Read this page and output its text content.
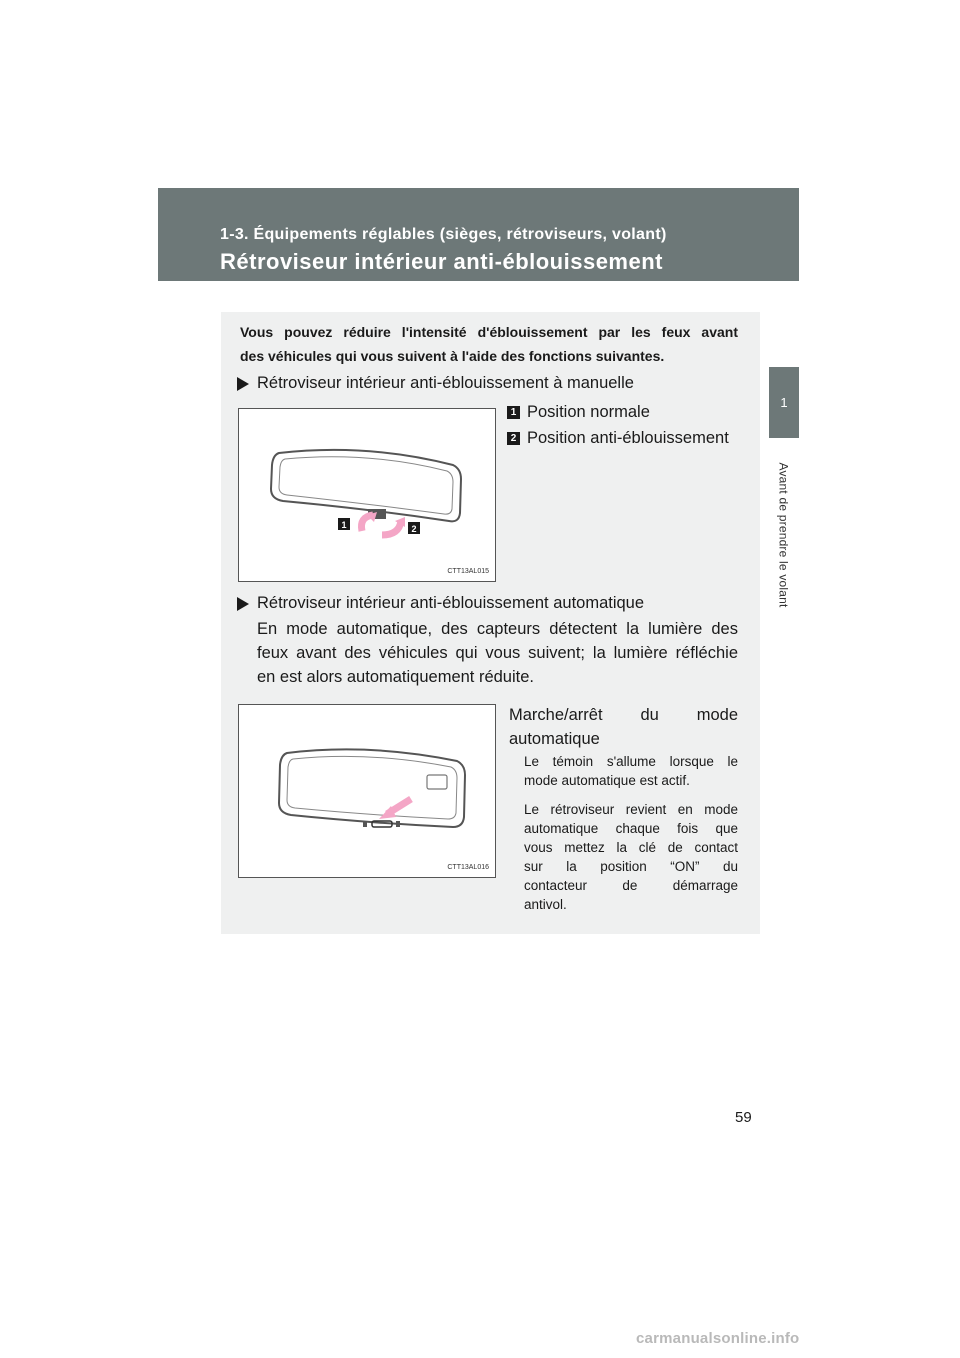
1-3. Équipements réglables (sièges, rétroviseurs, volant)
Rétroviseur intérieur anti-éblouissement
1
Avant de prendre le volant
Vous pouvez réduire l'intensité d'éblouissement par les feux avant
des véhicules qui vous suivent à l'aide des fonctions suivantes.
Rétroviseur intérieur anti-éblouissement à manuelle
1 Position normale
2 Position anti-éblouissement
1	2
CTT13AL015
Rétroviseur intérieur anti-éblouissement automatique
En mode automatique, des capteurs détectent la lumière des
feux avant des véhicules qui vous suivent; la lumière réfléchie
en est alors automatiquement réduite.
Marche/arrêt du mode
automatique
Le témoin s'allume lorsque le
mode automatique est actif.
Le rétroviseur revient en mode
automatique chaque fois que
vous mettez la clé de contact
sur la position “ON” du
contacteur de démarrage
antivol.
CTT13AL016
59
carmanualsonline.info
